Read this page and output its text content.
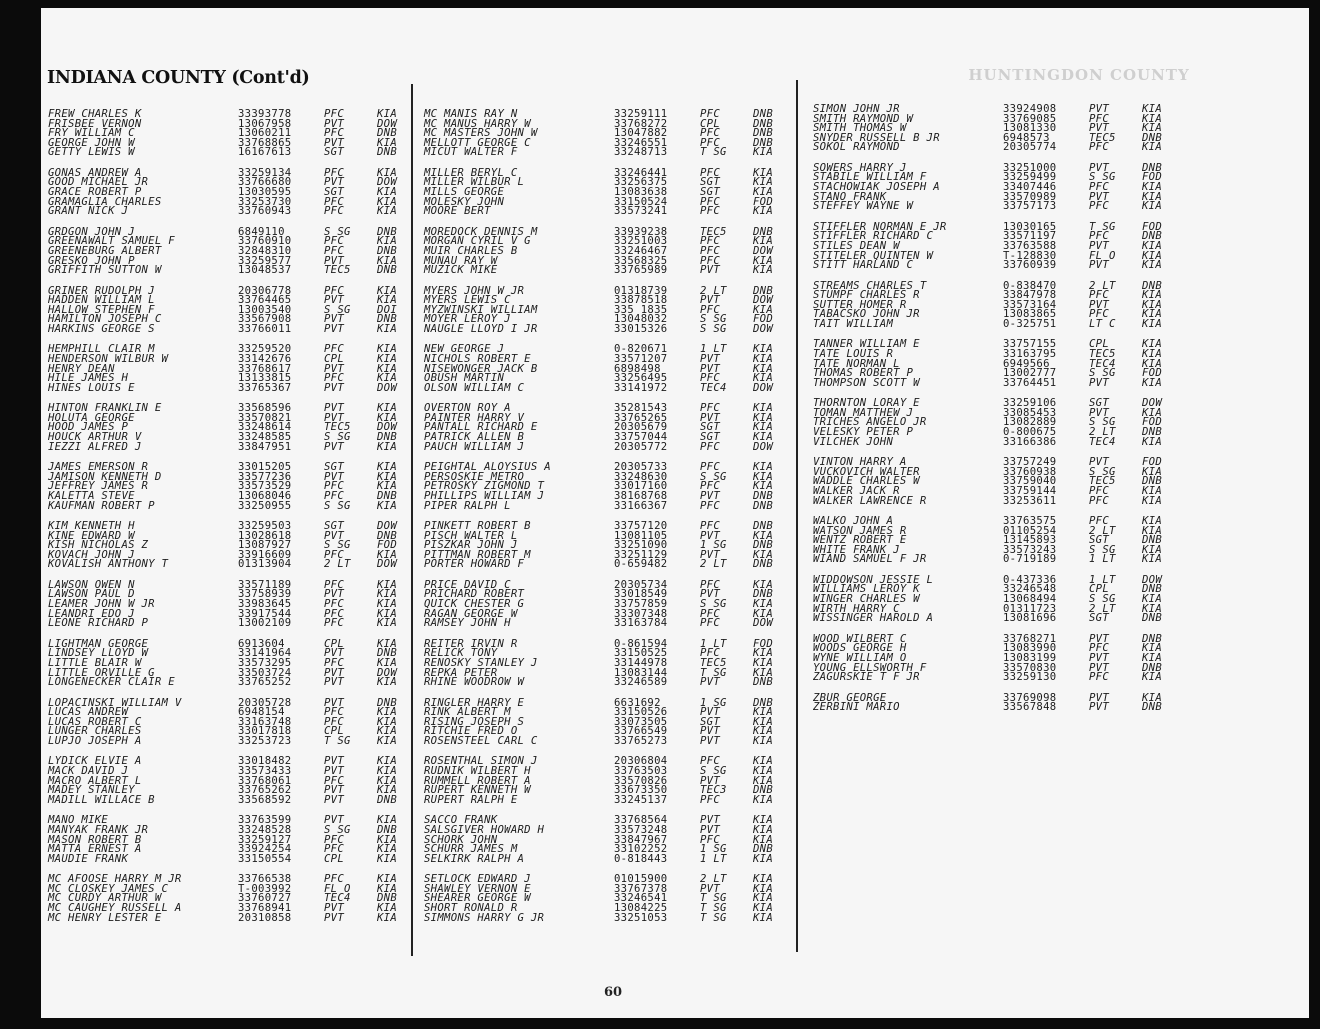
HUNTINGDON COUNTY
INDIANA COUNTY (Cont'd)
FREW CHARLES K	33393778	PFC	KIA
FRISBEE VERNON	13067958	PVT	DOW
FRY WILLIAM C	13060211	PFC	DNB
GEORGE JOHN W	33768865	PVT	KIA
GETTY LEWIS W	16167613	SGT	DNB
GONAS ANDREW A	33259134	PFC	KIA
GOOD MICHAEL JR	33766680	PVT	DOW
GRACE ROBERT P	13030595	SGT	KIA
GRAMAGLIA CHARLES	33253730	PFC	KIA
GRANT NICK J	33760943	PFC	KIA
GRDGON JOHN J	6849110	S SG DNB
GREENAWALT SAMUEL F	33760910	PFC	KIA
GREENEBURG ALBERT	32848310	PFC	DNB
GRESKO JOHN P	33259577	PVT	KIA
GRIFFITH SUTTON W	13048537	TEC5 DNB
GRINER RUDOLPH J	20306778	PFC	KIA
HADDEN WILLIAM L	33764465	PVT	KIA
HALLOW STEPHEN F	13003540	S SG DOI
HAMILTON JOSEPH C	33567908	PVT	DNB
HARKINS GEORGE S	33766011	PVT	KIA
HEMPHILL CLAIR M	33259520	PFC	KIA
HENDERSON WILBUR W	33142676	CPL	KIA
HENRY DEAN	33768617	PVT	KIA
HILE JAMES H	13133815	PFC	KIA
HINES LOUIS E	33765367	PVT	DOW
HINTON FRANKLIN E	33568596	PVT	KIA
HOLUTA GEORGE	33570821	PVT	KIA
HOOD JAMES P	33248614	TEC5 DOW
HOUCK ARTHUR V	33248585	S SG DNB
IEZZI ALFRED J	33847951	PVT	KIA
JAMES EMERSON R	33015205	SGT	KIA
JAMISON KENNETH D	33577236	PVT	KIA
JEFFREY JAMES R	33573529	PFC	KIA
KALETTA STEVE	13068046	PFC	DNB
KAUFMAN ROBERT P	33250955	S SG KIA
KIM KENNETH H	33259503	SGT	DOW
KINE EDWARD W	13028618	PVT	DNB
KISH NICHOLAS Z	13087927	S SG FOD
KOVACH JOHN J	33916609	PFC	KIA
KOVALISH ANTHONY T	01313904	2 LT DOW
LAWSON OWEN N	33571189	PFC	KIA
LAWSON PAUL D	33758939	PVT	KIA
LEAMER JOHN W JR	33983645	PFC	KIA
LEANDRI EDO J	33917544	PFC	KIA
LEONE RICHARD P	13002109	PFC	KIA
LIGHTMAN GEORGE	6913604	CPL	KIA
LINDSEY LLOYD W	33141964	PVT	DNB
LITTLE BLAIR W	33573295	PFC	KIA
LITTLE ORVILLE G	33503724	PVT	DOW
LONGENECKER CLAIR E	33765252	PVT	KIA
LOPACINSKI WILLIAM V	20305728	PVT	DNB
LUCAS ANDREW	6948154	PFC	KIA
LUCAS ROBERT C	33163748	PFC	KIA
LUNGER CHARLES	33017818	CPL	KIA
LUPJO JOSEPH A	33253723	T SG KIA
LYDICK ELVIE A	33018482	PVT	KIA
MACK DAVID J	33573433	PVT	KIA
MACRO ALBERT L	33768061	PFC	KIA
MADEY STANLEY	33765262	PVT	KIA
MADILL WILLACE B	33568592	PVT	DNB
MANO MIKE	33763599	PVT	KIA
MANYAK FRANK JR	33248528	S SG DNB
MASON ROBERT B	33259127	PFC	KIA
MATTA ERNEST A	33924254	PFC	KIA
MAUDIE FRANK	33150554	CPL	KIA
MC AFOOSE HARRY M JR	33766538	PFC	KIA
MC CLOSKEY JAMES C	T-003992	FL O KIA
MC CURDY ARTHUR W	33760727	TEC4 DNB
MC CAUGHEY RUSSELL A	33768941	PVT	KIA
MC HENRY LESTER E	20310858	PVT	KIA
MC MANIS RAY N	33259111	PFC	DNB
MC MANUS HARRY W	33768272	CPL	DNB
MC MASTERS JOHN W	13047882	PFC	DNB
MELLOTT GEORGE C	33246551	PFC	DNB
MICUT WALTER F	33248713	T SG KIA
MILLER BERYL C	33246441	PFC	KIA
MILLER WILBUR L	33256375	SGT	KIA
MILLS GEORGE	13083638	SGT	KIA
MOLESKY JOHN	33150524	PFC	FOD
MOORE BERT	33573241	PFC	KIA
MOREDOCK DENNIS M	33939238	TEC5 DNB
MORGAN CYRIL V G	33251003	PFC	KIA
MUIR CHARLES B	33246467	PFC	DOW
MUNAU RAY W	33568325	PFC	KIA
MUZICK MIKE	33765989	PVT	KIA
MYERS JOHN W JR	01318739	2 LT DNB
MYERS LEWIS C	33878518	PVT	DOW
MYZWINSKI WILLIAM	335 1835	PFC	KIA
MOYER LEROY J	13048032	S SG FOD
NAUGLE LLOYD I JR	33015326	S SG DOW
NEW GEORGE J	0-820671	1 LT KIA
NICHOLS ROBERT E	33571207	PVT	KIA
NISEWONGER JACK B	6898498	PVT	KIA
OBUSH MARTIN	33256495	PFC	KIA
OLSON WILLIAM C	33141972	TEC4 DOW
OVERTON ROY A	35281543	PFC	KIA
PAINTER HARRY V	33765265	PVT	KIA
PANTALL RICHARD E	20305679	SGT	KIA
PATRICK ALLEN B	33757044	SGT	KIA
PAUCH WILLIAM J	20305772	PFC	DOW
PEIGHTAL ALOYSIUS A	20305733	PFC	KIA
PERSOSKIE METRO	33248630	S SG KIA
PETROSKY ZIGMOND T	33017160	PFC	KIA
PHILLIPS WILLIAM J	38168768	PVT	DNB
PIPER RALPH L	33166367	PFC	DNB
PINKETT ROBERT B	33757120	PFC	DNB
PISCH WALTER L	13081105	PVT	KIA
PISZKAR JOHN J	33251090	1 SG DNB
PITTMAN ROBERT M	33251129	PVT	KIA
PORTER HOWARD F	0-659482	2 LT DNB
PRICE DAVID C	20305734	PFC	KIA
PRICHARD ROBERT	33018549	PVT	DNB
QUICK CHESTER G	33757859	S SG KIA
RAGAN GEORGE W	33307348	PFC	KIA
RAMSEY JOHN H	33163784	PFC	DOW
REITER IRVIN R	0-861594	1 LT FOD
RELICK TONY	33150525	PFC	KIA
RENOSKY STANLEY J	33144978	TEC5 KIA
REPKA PETER	13083144	T SG KIA
RHINE WOODROW W	33246589	PVT	DNB
RINGLER HARRY E	6631692	1 SG DNB
RINK ALBERT M	33150526	PVT	KIA
RISING JOSEPH S	33073505	SGT	KIA
RITCHIE FRED O	33766549	PVT	KIA
ROSENSTEEL CARL C	33765273	PVT	KIA
ROSENTHAL SIMON J	20306804	PFC	KIA
RUDNIK WILBERT H	33763503	S SG KIA
RUMMELL ROBERT A	33570826	PVT	KIA
RUPERT KENNETH W	33673350	TEC3 DNB
RUPERT RALPH E	33245137	PFC	KIA
SACCO FRANK	33768564	PVT	KIA
SALSGIVER HOWARD H	33573248	PVT	KIA
SCHORK JOHN	33847967	PFC	KIA
SCHURR JAMES M	33102252	1 SG DNB
SELKIRK RALPH A	0-818443	1 LT KIA
SETLOCK EDWARD J	01015900	2 LT KIA
SHAWLEY VERNON E	33767378	PVT	KIA
SHEARER GEORGE W	33246541	T SG KIA
SHORT RONALD R	13084225	T SG KIA
SIMMONS HARRY G JR	33251053	T SG KIA
SIMON JOHN JR	33924908	PVT	KIA
SMITH RAYMOND W	33769085	PFC	KIA
SMITH THOMAS W	13081330	PVT	KIA
SNYDER RUSSELL B JR	6948573	TEC5 DNB
SOKOL RAYMOND	20305774	PFC	KIA
SOWERS HARRY J	33251000	PVT	DNB
STABILE WILLIAM F	33259499	S SG FOD
STACHOWIAK JOSEPH A	33407446	PFC	KIA
STANO FRANK	33570989	PVT	KIA
STEFFEY WAYNE W	33757173	PFC	KIA
STIFFLER NORMAN E JR	13030165	T SG FOD
STIFFLER RICHARD C	33571197	PFC	DNB
STILES DEAN W	33763588	PVT	KIA
STITELER QUINTEN W	T-128830	FL O KIA
STITT HARLAND C	33760939	PVT	KIA
STREAMS CHARLES T	0-838470	2 LT DNB
STUMPF CHARLES R	33847978	PFC	KIA
SUTTER HOMER R	33573164	PVT	KIA
TABACSKO JOHN JR	13083865	PFC	KIA
TAIT WILLIAM	0-325751	LT C KIA
TANNER WILLIAM E	33757155	CPL	KIA
TATE LOUIS R	33163795	TEC5 KIA
TATE NORMAN L	6949566	TEC4 KIA
THOMAS ROBERT P	13002777	S SG FOD
THOMPSON SCOTT W	33764451	PVT	KIA
THORNTON LORAY E	33259106	SGT	DOW
TOMAN MATTHEW J	33085453	PVT	KIA
TRICHES ANGELO JR	13082889	S SG FOD
VELESKY PETER P	0-800675	2 LT DNB
VILCHEK JOHN	33166386	TEC4 KIA
VINTON HARRY A	33757249	PVT	FOD
VUCKOVICH WALTER	33760938	S SG KIA
WADDLE CHARLES W	33759040	TEC5 DNB
WALKER JACK R	33759144	PFC	KIA
WALKER LAWRENCE R	33253611	PFC	KIA
WALKO JOHN A	33763575	PFC	KIA
WATSON JAMES R	01105254	2 LT KIA
WENTZ ROBERT E	13145893	SGT	DNB
WHITE FRANK J	33573243	S SG KIA
WIAND SAMUEL F JR	0-719189	1 LT KIA
WIDDOWSON JESSIE L	0-437336	1 LT DOW
WILLIAMS LEROY K	33246548	CPL	DNB
WINGER CHARLES W	13068494	S SG KIA
WIRTH HARRY C	01311723	2 LT KIA
WISSINGER HAROLD A	13081696	SGT	DNB
WOOD WILBERT C	33768271	PVT	DNB
WOODS GEORGE H	13083990	PFC	KIA
WYNE WILLIAM O	13083199	PVT	KIA
YOUNG ELLSWORTH F	33570830	PVT	DNB
ZAGURSKIE T F JR	33259130	PFC	KIA
ZBUR GEORGE	33769098	PVT	KIA
ZERBINI MARIO	33567848	PVT	DNB
60
